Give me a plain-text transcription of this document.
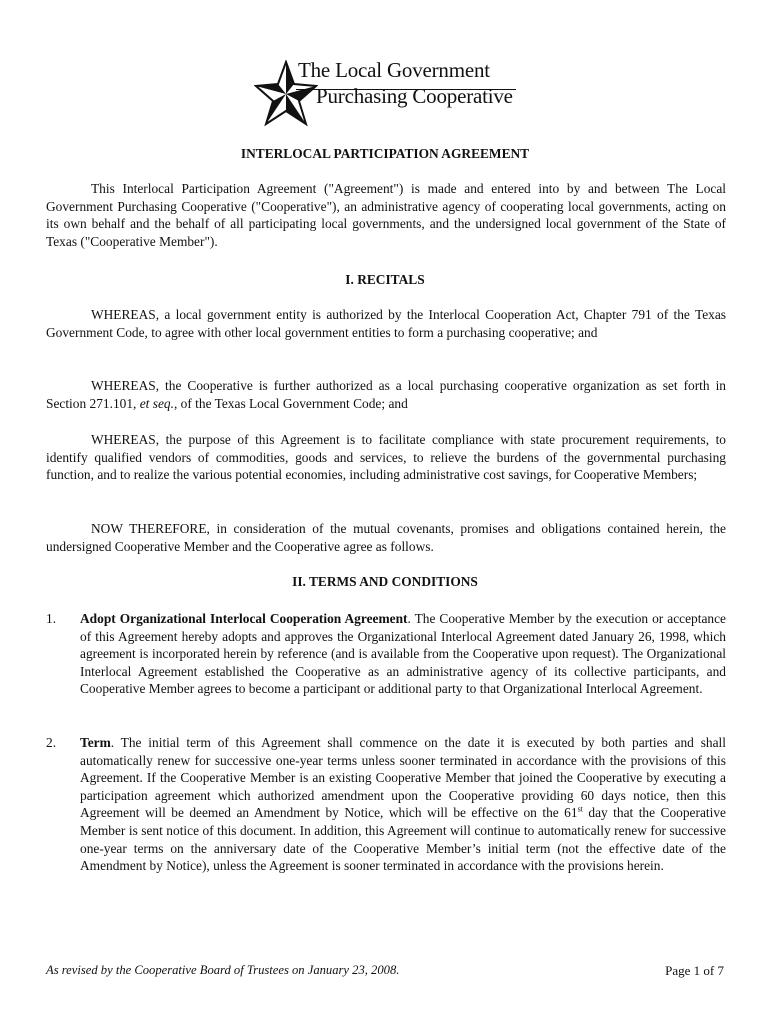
The Local Government
Purchasing Cooperative
INTERLOCAL PARTICIPATION AGREEMENT
This Interlocal Participation Agreement ("Agreement") is made and entered into by and between The Local Government Purchasing Cooperative ("Cooperative"), an administrative agency of cooperating local governments, acting on its own behalf and the behalf of all participating local governments, and the undersigned local government of the State of Texas ("Cooperative Member").
I. RECITALS
WHEREAS, a local government entity is authorized by the Interlocal Cooperation Act, Chapter 791 of the Texas Government Code, to agree with other local government entities to form a purchasing cooperative; and
WHEREAS, the Cooperative is further authorized as a local purchasing cooperative organization as set forth in Section 271.101, et seq., of the Texas Local Government Code; and
WHEREAS, the purpose of this Agreement is to facilitate compliance with state procurement requirements, to identify qualified vendors of commodities, goods and services, to relieve the burdens of the governmental purchasing function, and to realize the various potential economies, including administrative cost savings, for Cooperative Members;
NOW THEREFORE, in consideration of the mutual covenants, promises and obligations contained herein, the undersigned Cooperative Member and the Cooperative agree as follows.
II. TERMS AND CONDITIONS
1. Adopt Organizational Interlocal Cooperation Agreement. The Cooperative Member by the execution or acceptance of this Agreement hereby adopts and approves the Organizational Interlocal Agreement dated January 26, 1998, which agreement is incorporated herein by reference (and is available from the Cooperative upon request). The Organizational Interlocal Agreement established the Cooperative as an administrative agency of its collective participants, and Cooperative Member agrees to become a participant or additional party to that Organizational Interlocal Agreement.
2. Term. The initial term of this Agreement shall commence on the date it is executed by both parties and shall automatically renew for successive one-year terms unless sooner terminated in accordance with the provisions of this Agreement. If the Cooperative Member is an existing Cooperative Member that joined the Cooperative by executing a participation agreement which authorized amendment upon the Cooperative providing 60 days notice, then this Agreement will be deemed an Amendment by Notice, which will be effective on the 61st day that the Cooperative Member is sent notice of this document. In addition, this Agreement will continue to automatically renew for successive one-year terms on the anniversary date of the Cooperative Member’s initial term (not the effective date of the Amendment by Notice), unless the Agreement is sooner terminated in accordance with the provisions herein.
As revised by the Cooperative Board of Trustees on January 23, 2008.	Page 1 of 7
